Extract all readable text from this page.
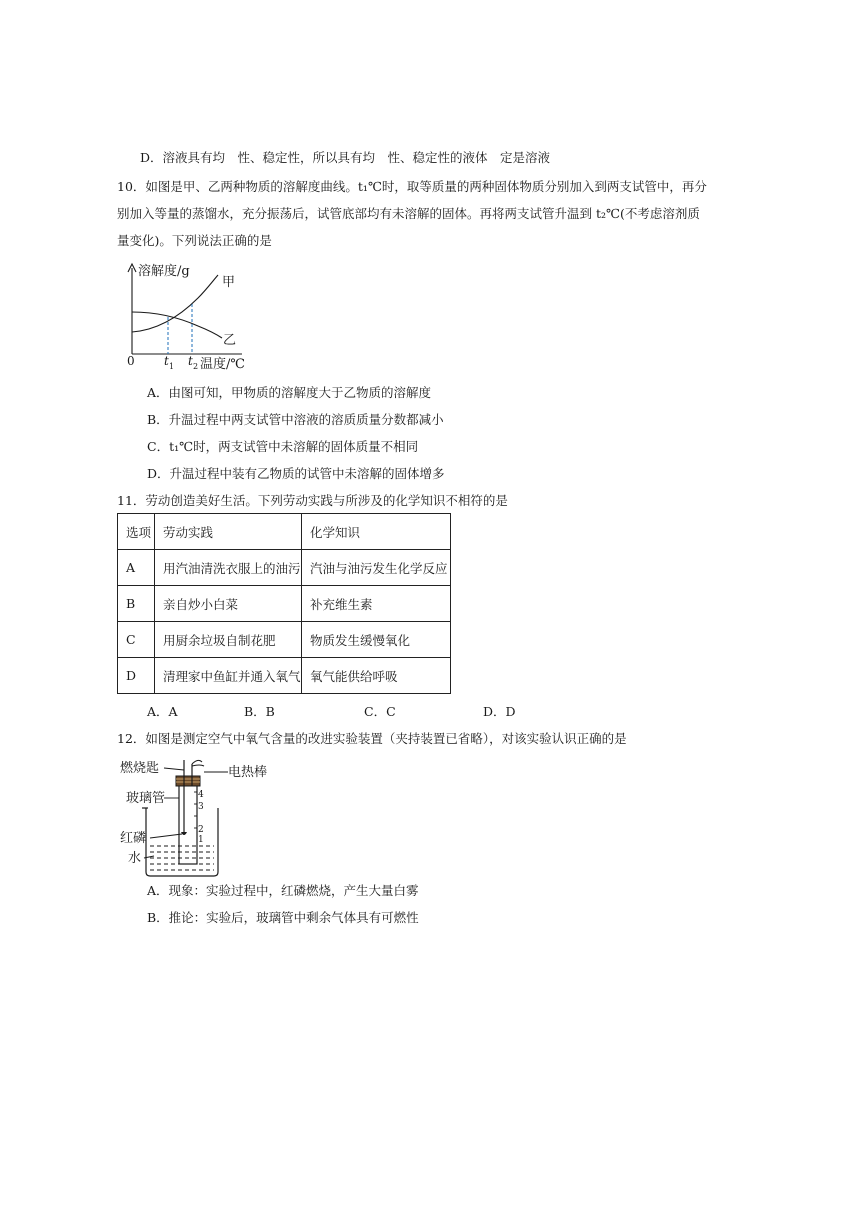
D．溶液具有均　性、稳定性，所以具有均　性、稳定性的液体　定是溶液
10．如图是甲、乙两种物质的溶解度曲线。t₁℃时，取等质量的两种固体物质分别加入到两支试管中，再分
别加入等量的蒸馏水，充分振荡后，试管底部均有未溶解的固体。再将两支试管升温到 t₂℃(不考虑溶剂质
量变化)。下列说法正确的是
溶解度/g
甲
乙
0 t 1 t 2 温度/℃
A．由图可知，甲物质的溶解度大于乙物质的溶解度
B．升温过程中两支试管中溶液的溶质质量分数都减小
C．t₁℃时，两支试管中未溶解的固体质量不相同
D．升温过程中装有乙物质的试管中未溶解的固体增多
11．劳动创造美好生活。下列劳动实践与所涉及的化学知识不相符的是
选项	劳动实践	化学知识
A	用汽油清洗衣服上的油污	汽油与油污发生化学反应
B	亲自炒小白菜	补充维生素
C	用厨余垃圾自制花肥	物质发生缓慢氧化
D	清理家中鱼缸并通入氧气	氧气能供给呼吸
A．A	B．B	C．C	D．D
12．如图是测定空气中氧气含量的改进实验装置（夹持装置已省略），对该实验认识正确的是
4
3
2
1
燃烧匙	电热棒
玻璃管
红磷
水
A．现象：实验过程中，红磷燃烧，产生大量白雾
B．推论：实验后，玻璃管中剩余气体具有可燃性
